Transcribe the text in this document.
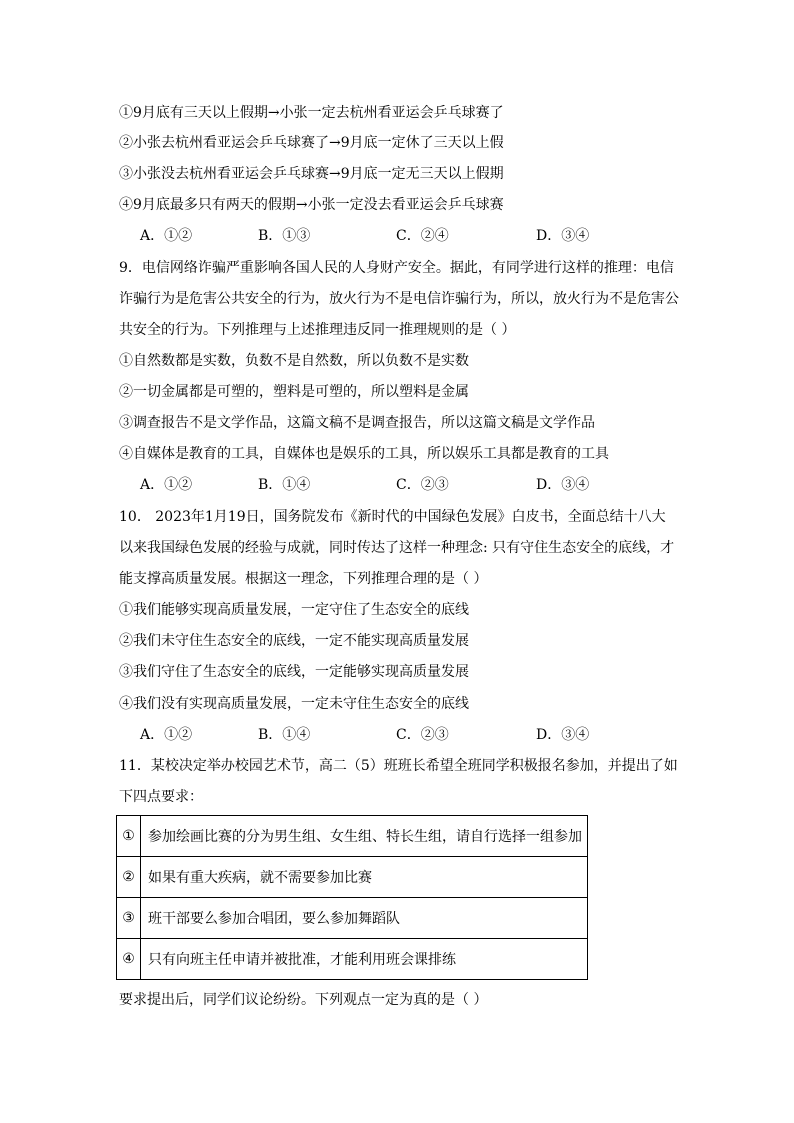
①9月底有三天以上假期→小张一定去杭州看亚运会乒乓球赛了
②小张去杭州看亚运会乒乓球赛了→9月底一定休了三天以上假
③小张没去杭州看亚运会乒乓球赛→9月底一定无三天以上假期
④9月底最多只有两天的假期→小张一定没去看亚运会乒乓球赛
A．①②	B．①③	C．②④	D．③④
9．电信网络诈骗严重影响各国人民的人身财产安全。据此，有同学进行这样的推理：电信
诈骗行为是危害公共安全的行为，放火行为不是电信诈骗行为，所以，放火行为不是危害公
共安全的行为。下列推理与上述推理违反同一推理规则的是（ ）
①自然数都是实数，负数不是自然数，所以负数不是实数
②一切金属都是可塑的，塑料是可塑的，所以塑料是金属
③调查报告不是文学作品，这篇文稿不是调查报告，所以这篇文稿是文学作品
④自媒体是教育的工具，自媒体也是娱乐的工具，所以娱乐工具都是教育的工具
A．①②	B．①④	C．②③	D．③④
10． 2023年1月19日，国务院发布《新时代的中国绿色发展》白皮书，全面总结十八大
以来我国绿色发展的经验与成就，同时传达了这样一种理念: 只有守住生态安全的底线，才
能支撑高质量发展。根据这一理念，下列推理合理的是（ ）
①我们能够实现高质量发展，一定守住了生态安全的底线
②我们未守住生态安全的底线，一定不能实现高质量发展
③我们守住了生态安全的底线，一定能够实现高质量发展
④我们没有实现高质量发展，一定未守住生态安全的底线
A．①②	B．①④	C．②③	D．③④
11．某校决定举办校园艺术节，高二（5）班班长希望全班同学积极报名参加，并提出了如
下四点要求：
①	参加绘画比赛的分为男生组、女生组、特长生组，请自行选择一组参加
②	如果有重大疾病，就不需要参加比赛
③	班干部要么参加合唱团，要么参加舞蹈队
④	只有向班主任申请并被批准，才能利用班会课排练
要求提出后，同学们议论纷纷。下列观点一定为真的是（ ）
